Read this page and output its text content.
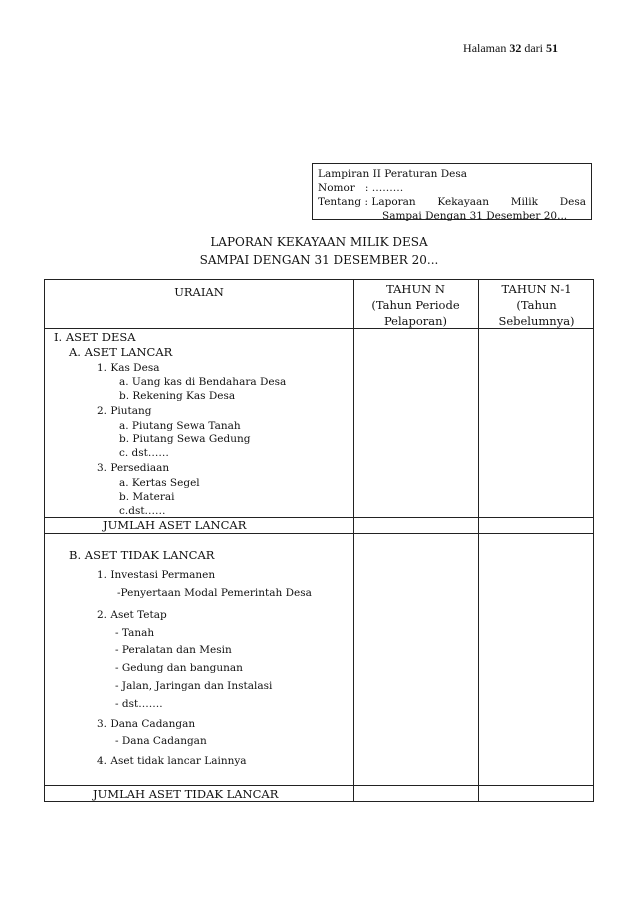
Halaman 32 dari 51
Lampiran II Peraturan Desa
Nomor : ………
Tentang : Laporan Kekayaan Milik Desa
Sampai Dengan 31 Desember 20...
LAPORAN KEKAYAAN MILIK DESA
SAMPAI DENGAN 31 DESEMBER 20...
URAIAN	TAHUN N
(Tahun Periode
Pelaporan)
TAHUN N-1
(Tahun
Sebelumnya)
I. ASET DESA
A. ASET LANCAR
1. Kas Desa
a. Uang kas di Bendahara Desa
b. Rekening Kas Desa
2. Piutang
a. Piutang Sewa Tanah
b. Piutang Sewa Gedung
c. dst……
3. Persediaan
a. Kertas Segel
b. Materai
c.dst……
JUMLAH ASET LANCAR
B. ASET TIDAK LANCAR
1. Investasi Permanen
-Penyertaan Modal Pemerintah Desa
2. Aset Tetap
- Tanah
- Peralatan dan Mesin
- Gedung dan bangunan
- Jalan, Jaringan dan Instalasi
- dst…….
3. Dana Cadangan
- Dana Cadangan
4. Aset tidak lancar Lainnya
JUMLAH ASET TIDAK LANCAR
